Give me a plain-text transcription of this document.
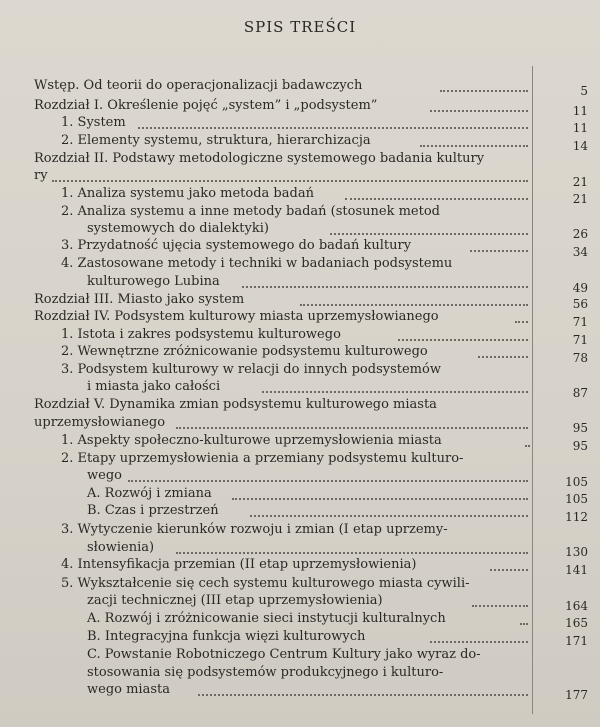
SPIS TREŚCI
Wstęp. Od teorii do operacjonalizacji badawczych	5
Rozdział I. Określenie pojęć „system” i „podsystem”	11
1. System	11
2. Elementy systemu, struktura, hierarchizacja	14
Rozdział II. Podstawy metodologiczne systemowego badania kultury
ry	21
1. Analiza systemu jako metoda badań	21
2. Analiza systemu a inne metody badań (stosunek metod
systemowych do dialektyki)	26
3. Przydatność ujęcia systemowego do badań kultury	34
4. Zastosowane metody i techniki w badaniach podsystemu
kulturowego Lubina	49
Rozdział III. Miasto jako system	56
Rozdział IV. Podsystem kulturowy miasta uprzemysłowianego	71
1. Istota i zakres podsystemu kulturowego	71
2. Wewnętrzne zróżnicowanie podsystemu kulturowego	78
3. Podsystem kulturowy w relacji do innych podsystemów
i miasta jako całości	87
Rozdział V. Dynamika zmian podsystemu kulturowego miasta
uprzemysłowianego	95
1. Aspekty społeczno-kulturowe uprzemysłowienia miasta	95
2. Etapy uprzemysłowienia a przemiany podsystemu kulturo-
wego	105
A. Rozwój i zmiana	105
B. Czas i przestrzeń	112
3. Wytyczenie kierunków rozwoju i zmian (I etap uprzemy-
słowienia)	130
4. Intensyfikacja przemian (II etap uprzemysłowienia)	141
5. Wykształcenie się cech systemu kulturowego miasta cywili-
zacji technicznej (III etap uprzemysłowienia)	164
A. Rozwój i zróżnicowanie sieci instytucji kulturalnych	165
B. Integracyjna funkcja więzi kulturowych	171
C. Powstanie Robotniczego Centrum Kultury jako wyraz do-
stosowania się podsystemów produkcyjnego i kulturo-
wego miasta	177
